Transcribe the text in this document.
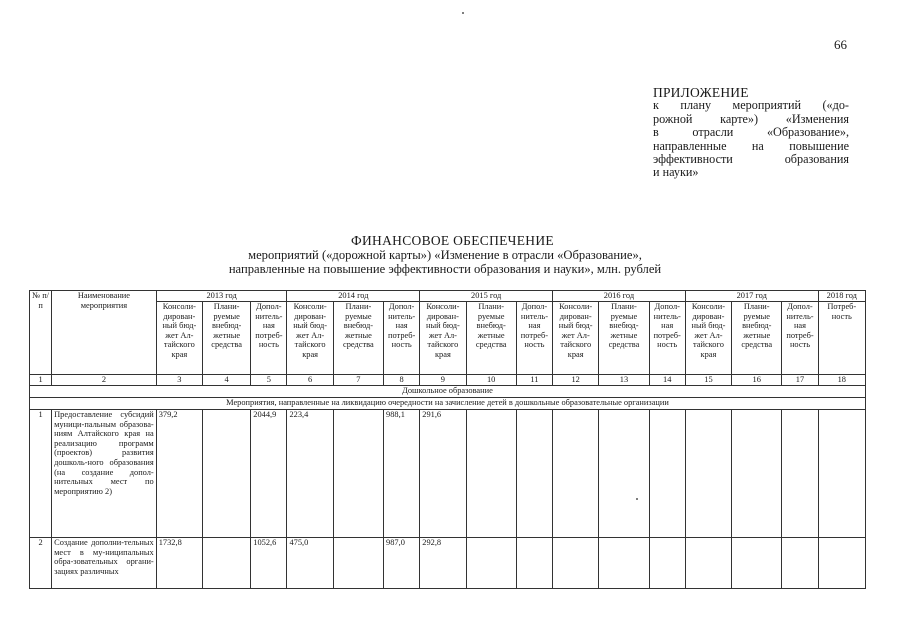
66
ПРИЛОЖЕНИЕ
к плану мероприятий («до-
рожной карте») «Изменения
в отрасли «Образование»,
направленные на повышение
эффективности образования
и науки»
ФИНАНСОВОЕ ОБЕСПЕЧЕНИЕ
мероприятий («дорожной карты») «Изменение в отрасли «Образование»,
направленные на повышение эффективности образования и науки», млн. рублей
№ п/п	Наименование мероприятия	2013 год			2014 год			2015 год			2016 год			2017 год			2018 год
		Консоли-дирован-ный бюд-жет Ал-тайского края	Плани-руемые внебюд-жетные средства	Допол-нитель-ная потреб-ность	Консоли-дирован-ный бюд-жет Ал-тайского края	Плани-руемые внебюд-жетные средства	Допол-нитель-ная потреб-ность	Консоли-дирован-ный бюд-жет Ал-тайского края	Плани-руемые внебюд-жетные средства	Допол-нитель-ная потреб-ность	Консоли-дирован-ный бюд-жет Ал-тайского края	Плани-руемые внебюд-жетные средства	Допол-нитель-ная потреб-ность	Консоли-дирован-ный бюд-жет Ал-тайского края	Плани-руемые внебюд-жетные средства	Допол-нитель-ная потреб-ность	Потреб-ность
1	2	3	4	5	6	7	8	9	10	11	12	13	14	15	16	17	18
Дошкольное образование																	
Мероприятия, направленные на ликвидацию очередности на зачисление детей в дошкольные образовательные организации																	
1	Предоставление субсидий муници-пальным образова-ниям Алтайского края на реализацию программ (проектов) развития дошколь-ного образования (на создание допол-нительных мест по мероприятию 2)	379,2		2044,9	223,4		988,1	291,6									
2	Создание дополни-тельных мест в му-ниципальных обра-зовательных органи-зациях различных	1732,8		1052,6	475,0		987,0	292,8									
